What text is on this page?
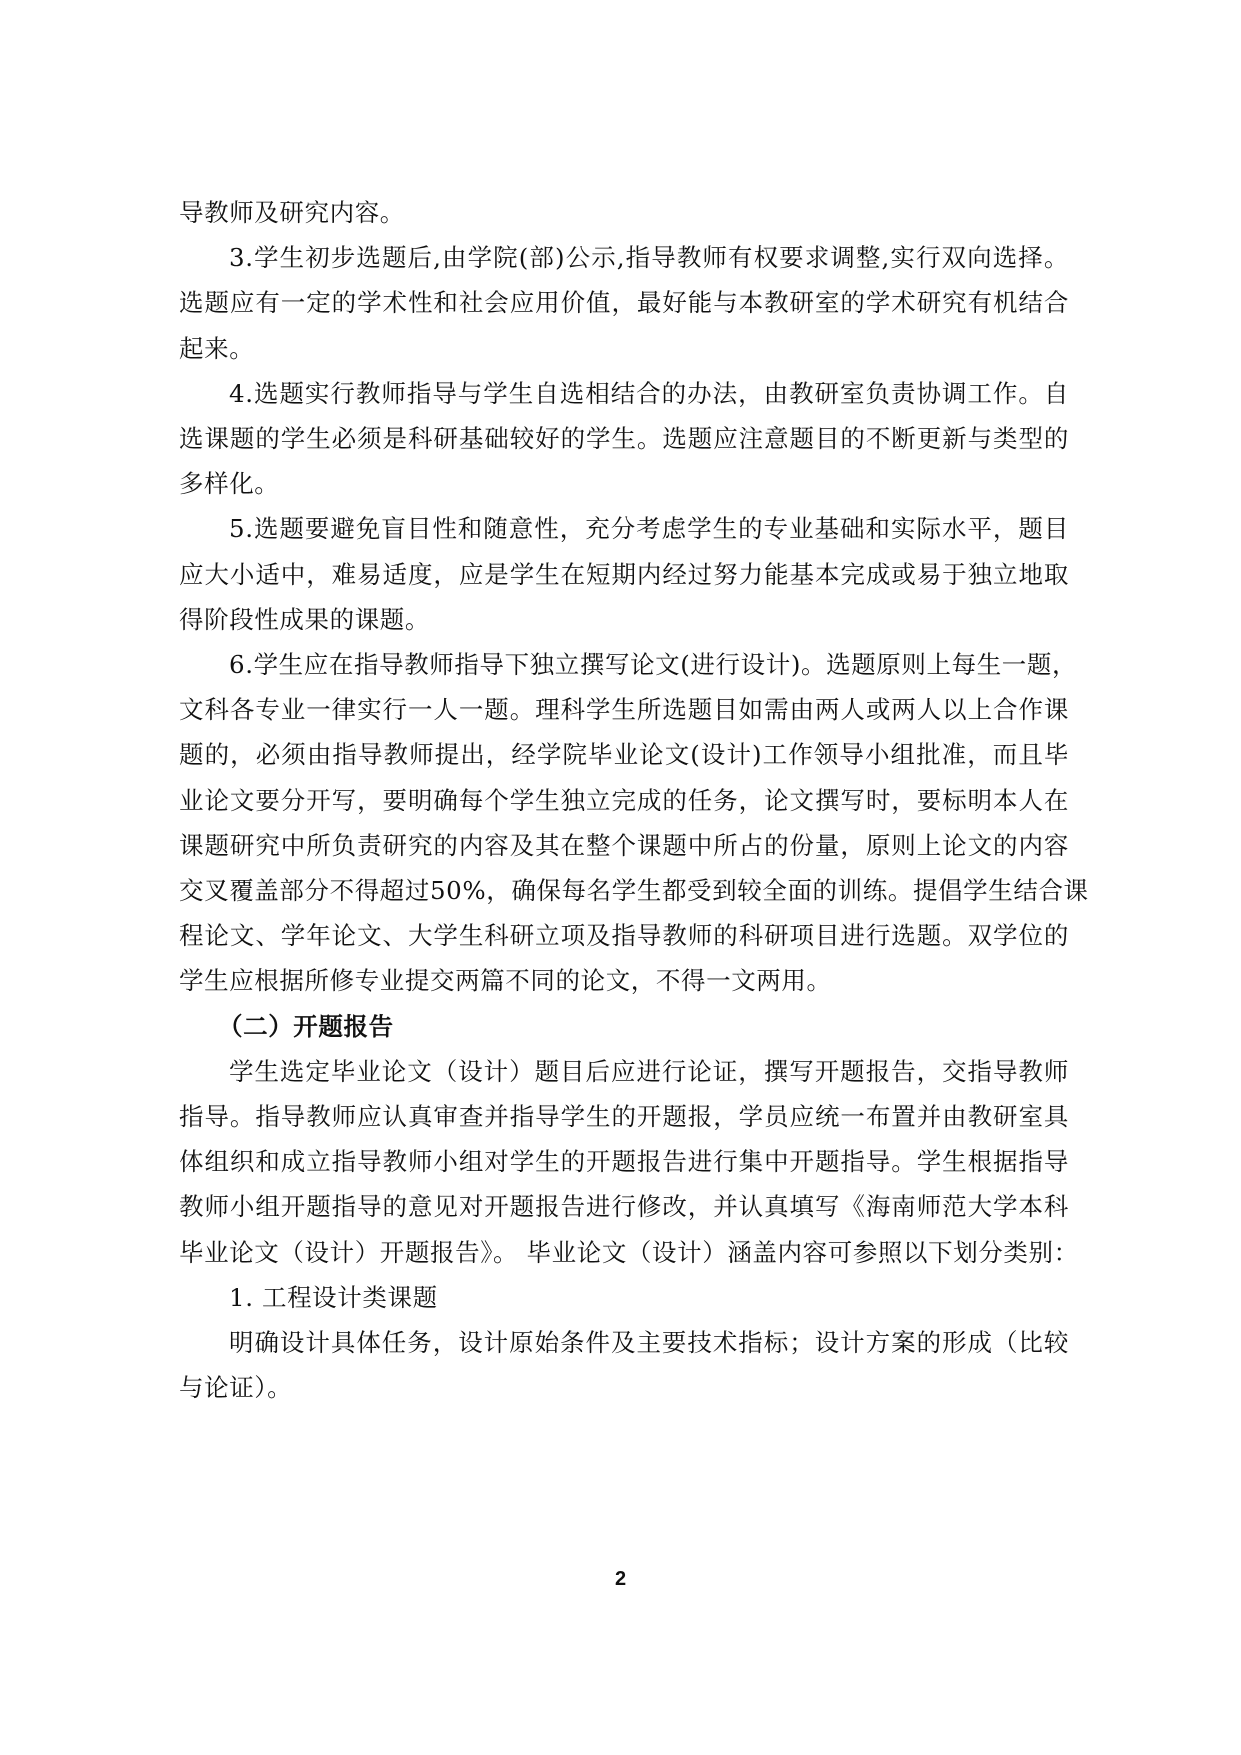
导教师及研究内容。
3.学生初步选题后,由学院(部)公示,指导教师有权要求调整,实行双向选择。
选题应有一定的学术性和社会应用价值，最好能与本教研室的学术研究有机结合
起来。
4.选题实行教师指导与学生自选相结合的办法，由教研室负责协调工作。自
选课题的学生必须是科研基础较好的学生。选题应注意题目的不断更新与类型的
多样化。
5.选题要避免盲目性和随意性，充分考虑学生的专业基础和实际水平，题目
应大小适中，难易适度，应是学生在短期内经过努力能基本完成或易于独立地取
得阶段性成果的课题。
6.学生应在指导教师指导下独立撰写论文(进行设计)。选题原则上每生一题，
文科各专业一律实行一人一题。理科学生所选题目如需由两人或两人以上合作课
题的，必须由指导教师提出，经学院毕业论文(设计)工作领导小组批准，而且毕
业论文要分开写，要明确每个学生独立完成的任务，论文撰写时，要标明本人在
课题研究中所负责研究的内容及其在整个课题中所占的份量，原则上论文的内容
交叉覆盖部分不得超过50%，确保每名学生都受到较全面的训练。提倡学生结合课
程论文、学年论文、大学生科研立项及指导教师的科研项目进行选题。双学位的
学生应根据所修专业提交两篇不同的论文，不得一文两用。
（二）开题报告
学生选定毕业论文（设计）题目后应进行论证，撰写开题报告，交指导教师
指导。指导教师应认真审查并指导学生的开题报，学员应统一布置并由教研室具
体组织和成立指导教师小组对学生的开题报告进行集中开题指导。学生根据指导
2
教师小组开题指导的意见对开题报告进行修改，并认真填写《海南师范大学本科
毕业论文（设计）开题报告》。 毕业论文（设计）涵盖内容可参照以下划分类别：
1. 工程设计类课题
明确设计具体任务，设计原始条件及主要技术指标；设计方案的形成（比较
与论证）。
